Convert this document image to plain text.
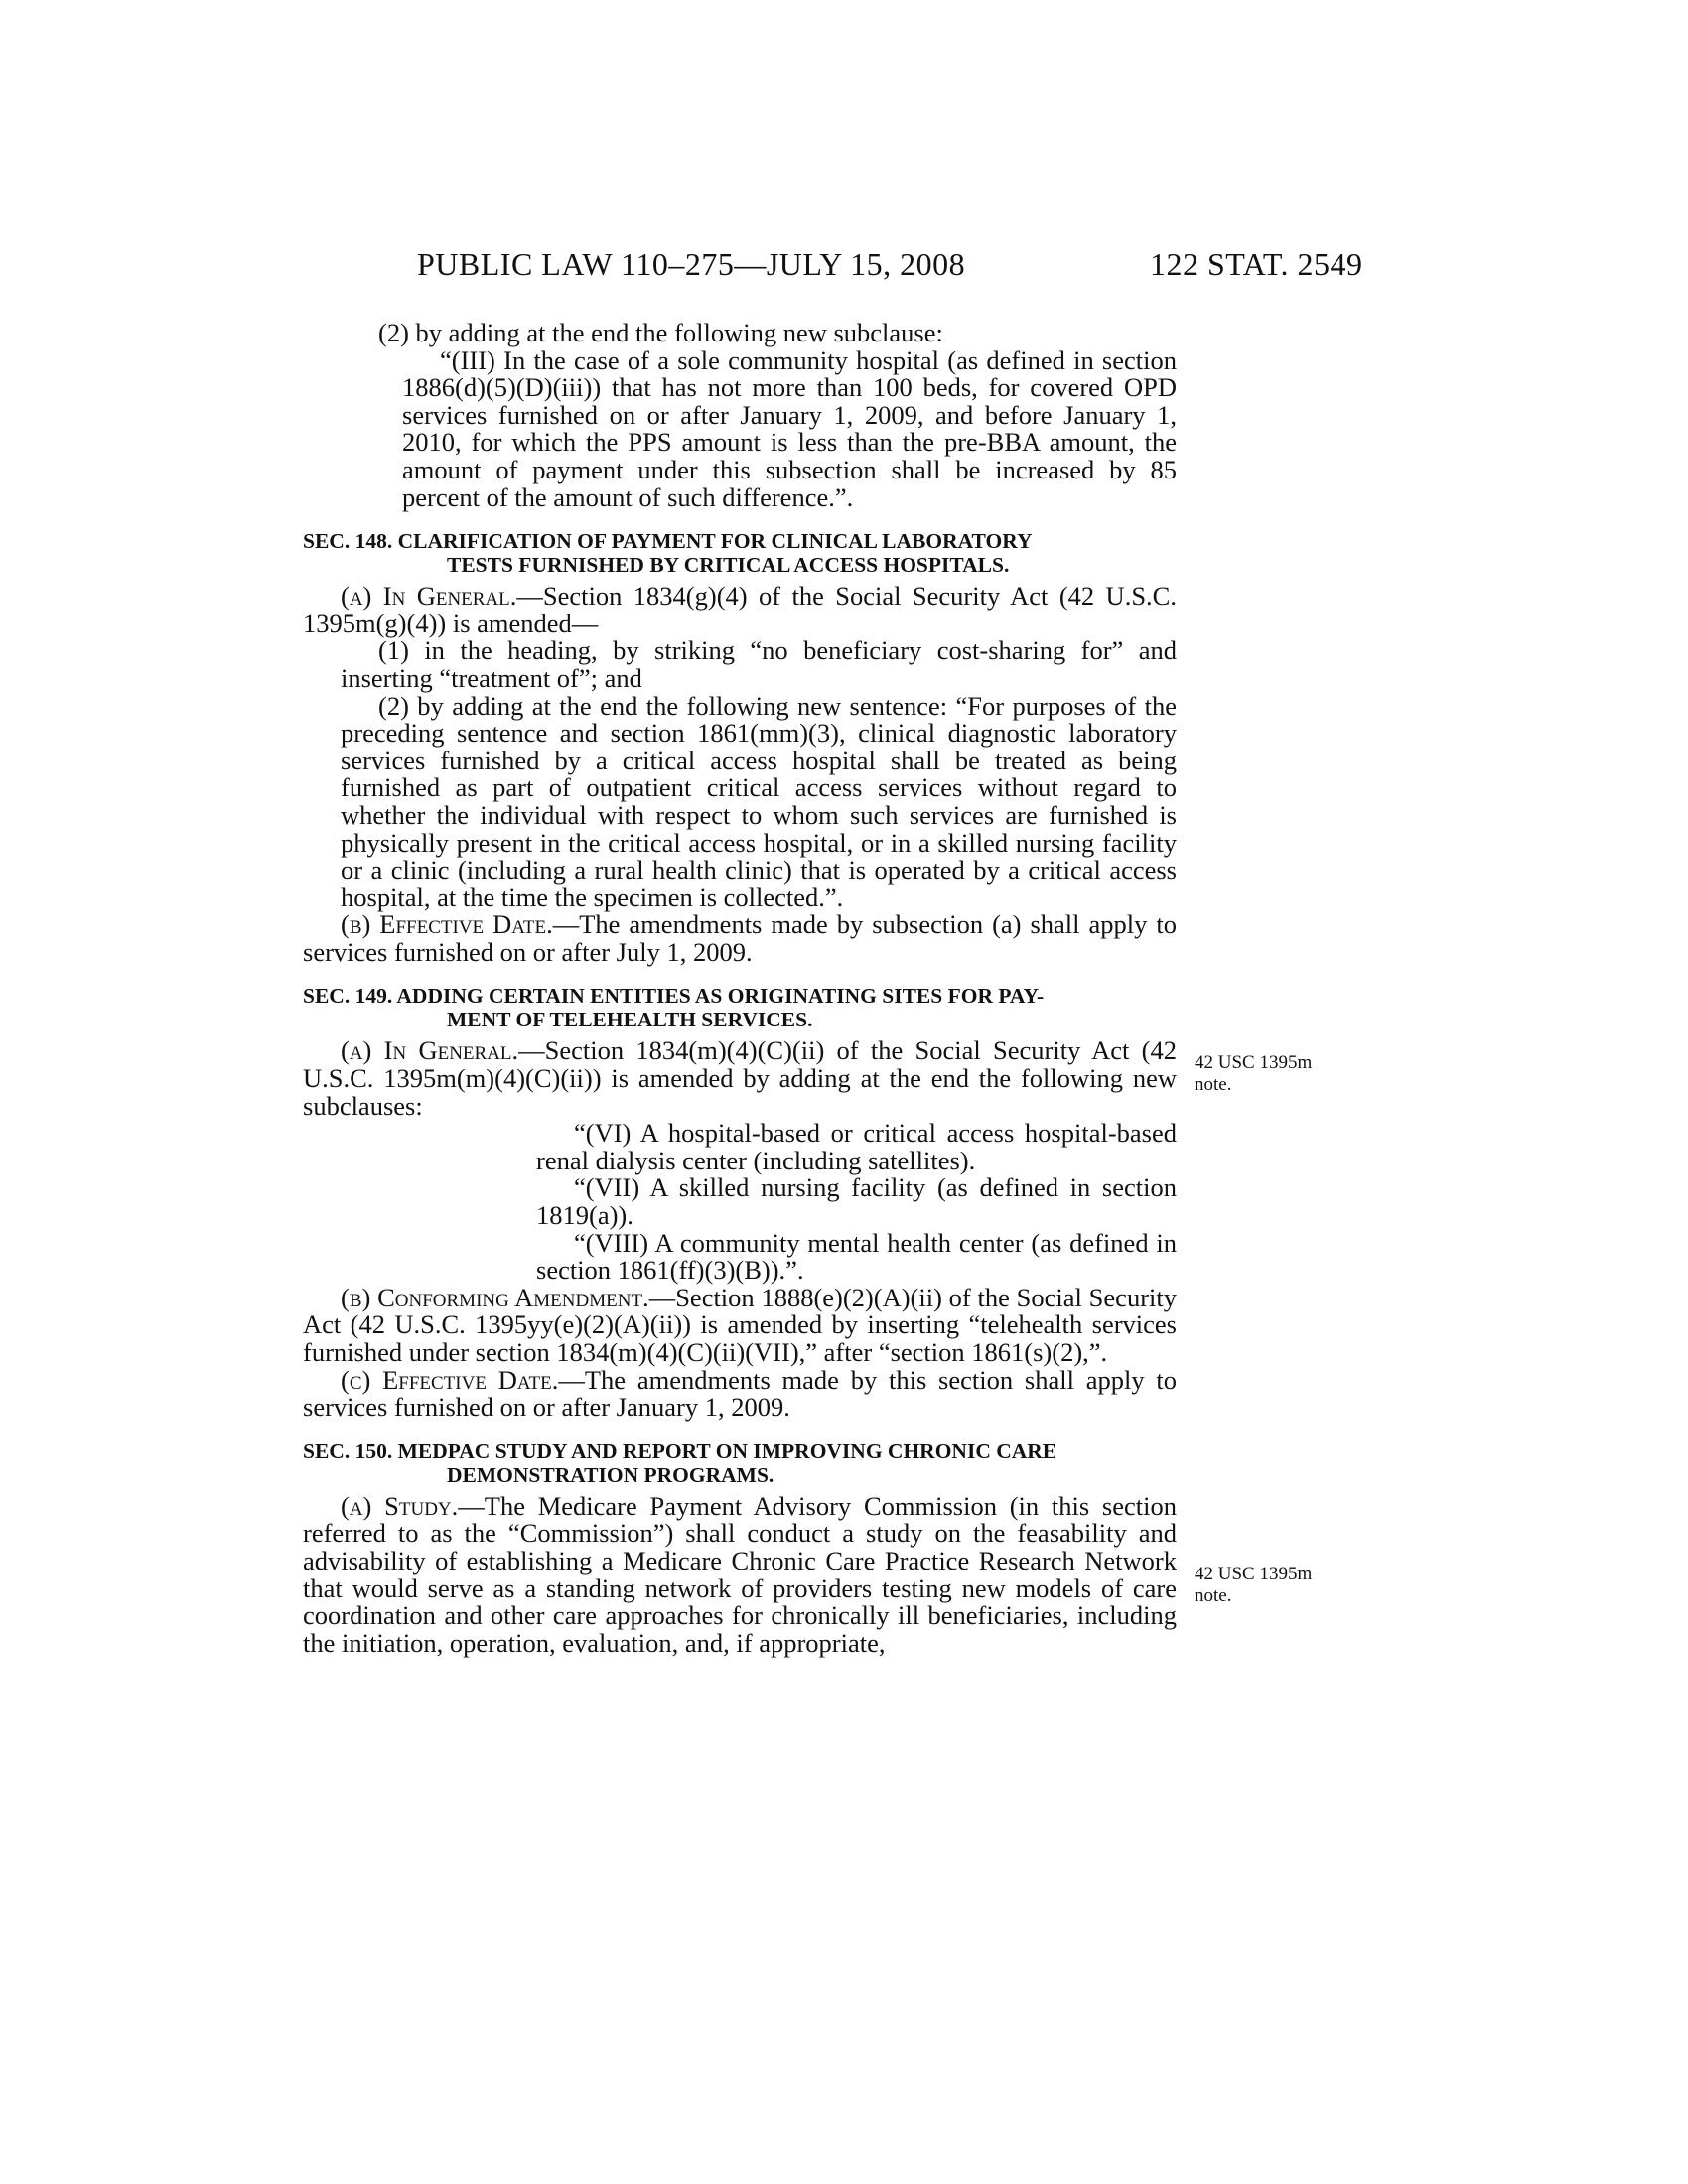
PUBLIC LAW 110–275—JULY 15, 2008	122 STAT. 2549

(2) by adding at the end the following new subclause:

“(III) In the case of a sole community hospital (as defined in section 1886(d)(5)(D)(iii)) that has not more than 100 beds, for covered OPD services furnished on or after January 1, 2009, and before January 1, 2010, for which the PPS amount is less than the pre-BBA amount, the amount of payment under this subsection shall be increased by 85 percent of the amount of such difference.”.

SEC. 148. CLARIFICATION OF PAYMENT FOR CLINICAL LABORATORY
TESTS FURNISHED BY CRITICAL ACCESS HOSPITALS.

(a) In General.—Section 1834(g)(4) of the Social Security Act (42 U.S.C. 1395m(g)(4)) is amended—

(1) in the heading, by striking “no beneficiary cost-sharing for” and inserting “treatment of”; and

(2) by adding at the end the following new sentence: “For purposes of the preceding sentence and section 1861(mm)(3), clinical diagnostic laboratory services furnished by a critical access hospital shall be treated as being furnished as part of outpatient critical access services without regard to whether the individual with respect to whom such services are furnished is physically present in the critical access hospital, or in a skilled nursing facility or a clinic (including a rural health clinic) that is operated by a critical access hospital, at the time the specimen is collected.”.

(b) Effective Date.—The amendments made by subsection (a) shall apply to services furnished on or after July 1, 2009.

SEC. 149. ADDING CERTAIN ENTITIES AS ORIGINATING SITES FOR PAY-
MENT OF TELEHEALTH SERVICES.

(a) In General.—Section 1834(m)(4)(C)(ii) of the Social Security Act (42 U.S.C. 1395m(m)(4)(C)(ii)) is amended by adding at the end the following new subclauses:

“(VI) A hospital-based or critical access hospital-based renal dialysis center (including satellites).

“(VII) A skilled nursing facility (as defined in section 1819(a)).

“(VIII) A community mental health center (as defined in section 1861(ff)(3)(B)).”.

(b) Conforming Amendment.—Section 1888(e)(2)(A)(ii) of the Social Security Act (42 U.S.C. 1395yy(e)(2)(A)(ii)) is amended by inserting “telehealth services furnished under section 1834(m)(4)(C)(ii)(VII),” after “section 1861(s)(2),”.

(c) Effective Date.—The amendments made by this section shall apply to services furnished on or after January 1, 2009.

SEC. 150. MEDPAC STUDY AND REPORT ON IMPROVING CHRONIC CARE
DEMONSTRATION PROGRAMS.

(a) Study.—The Medicare Payment Advisory Commission (in this section referred to as the “Commission”) shall conduct a study on the feasability and advisability of establishing a Medicare Chronic Care Practice Research Network that would serve as a standing network of providers testing new models of care coordination and other care approaches for chronically ill beneficiaries, including the initiation, operation, evaluation, and, if appropriate,

42 USC 1395m
note.
42 USC 1395m
note.
